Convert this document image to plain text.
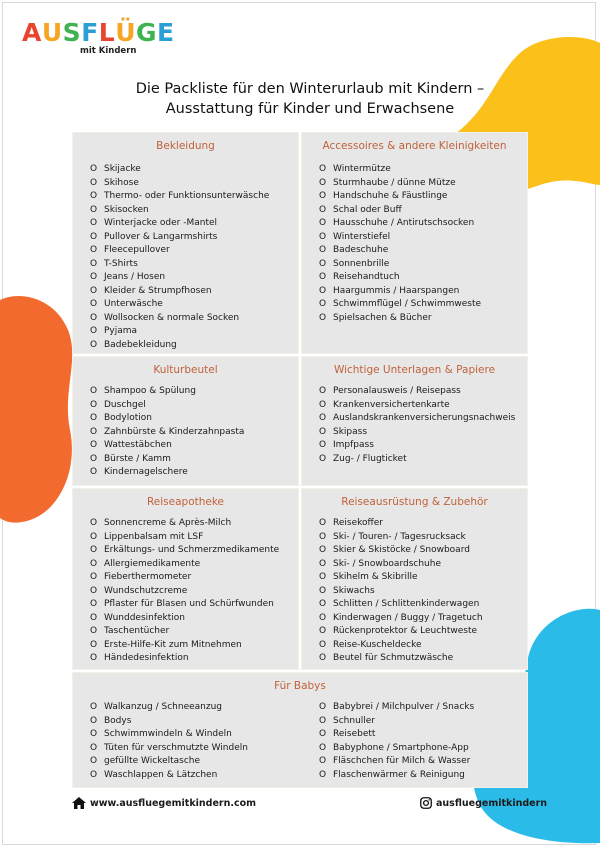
AUSFLÜGE
mit Kindern
Die Packliste für den Winterurlaub mit Kindern –
Ausstattung für Kinder und Erwachsene
Bekleidung
O Skijacke
O Skihose
O Thermo- oder Funktionsunterwäsche
O Skisocken
O Winterjacke oder -Mantel
O Pullover & Langarmshirts
O Fleecepullover
O T-Shirts
O Jeans / Hosen
O Kleider & Strumpfhosen
O Unterwäsche
O Wollsocken & normale Socken
O Pyjama
O Badebekleidung
Accessoires & andere Kleinigkeiten
O Wintermütze
O Sturmhaube / dünne Mütze
O Handschuhe & Fäustlinge
O Schal oder Buff
O Hausschuhe / Antirutschsocken
O Winterstiefel
O Badeschuhe
O Sonnenbrille
O Reisehandtuch
O Haargummis / Haarspangen
O Schwimmflügel / Schwimmweste
O Spielsachen & Bücher
Kulturbeutel
O Shampoo & Spülung
O Duschgel
O Bodylotion
O Zahnbürste & Kinderzahnpasta
O Wattestäbchen
O Bürste / Kamm
O Kindernagelschere
Wichtige Unterlagen & Papiere
O Personalausweis / Reisepass
O Krankenversichertenkarte
O Auslandskrankenversicherungsnachweis
O Skipass
O Impfpass
O Zug- / Flugticket
Reiseapotheke
O Sonnencreme & Après-Milch
O Lippenbalsam mit LSF
O Erkältungs- und Schmerzmedikamente
O Allergiemedikamente
O Fieberthermometer
O Wundschutzcreme
O Pflaster für Blasen und Schürfwunden
O Wunddesinfektion
O Taschentücher
O Erste-Hilfe-Kit zum Mitnehmen
O Händedesinfektion
Reiseausrüstung & Zubehör
O Reisekoffer
O Ski- / Touren- / Tagesrucksack
O Skier & Skistöcke / Snowboard
O Ski- / Snowboardschuhe
O Skihelm & Skibrille
O Skiwachs
O Schlitten / Schlittenkinderwagen
O Kinderwagen / Buggy / Tragetuch
O Rückenprotektor & Leuchtweste
O Reise-Kuscheldecke
O Beutel für Schmutzwäsche
Für Babys
O Walkanzug / Schneeanzug
O Bodys
O Schwimmwindeln & Windeln
O Tüten für verschmutzte Windeln
O gefüllte Wickeltasche
O Waschlappen & Lätzchen
O Babybrei / Milchpulver / Snacks
O Schnuller
O Reisebett
O Babyphone / Smartphone-App
O Fläschchen für Milch & Wasser
O Flaschenwärmer & Reinigung
www.ausfluegemitkindern.com	ausfluegemitkindern
